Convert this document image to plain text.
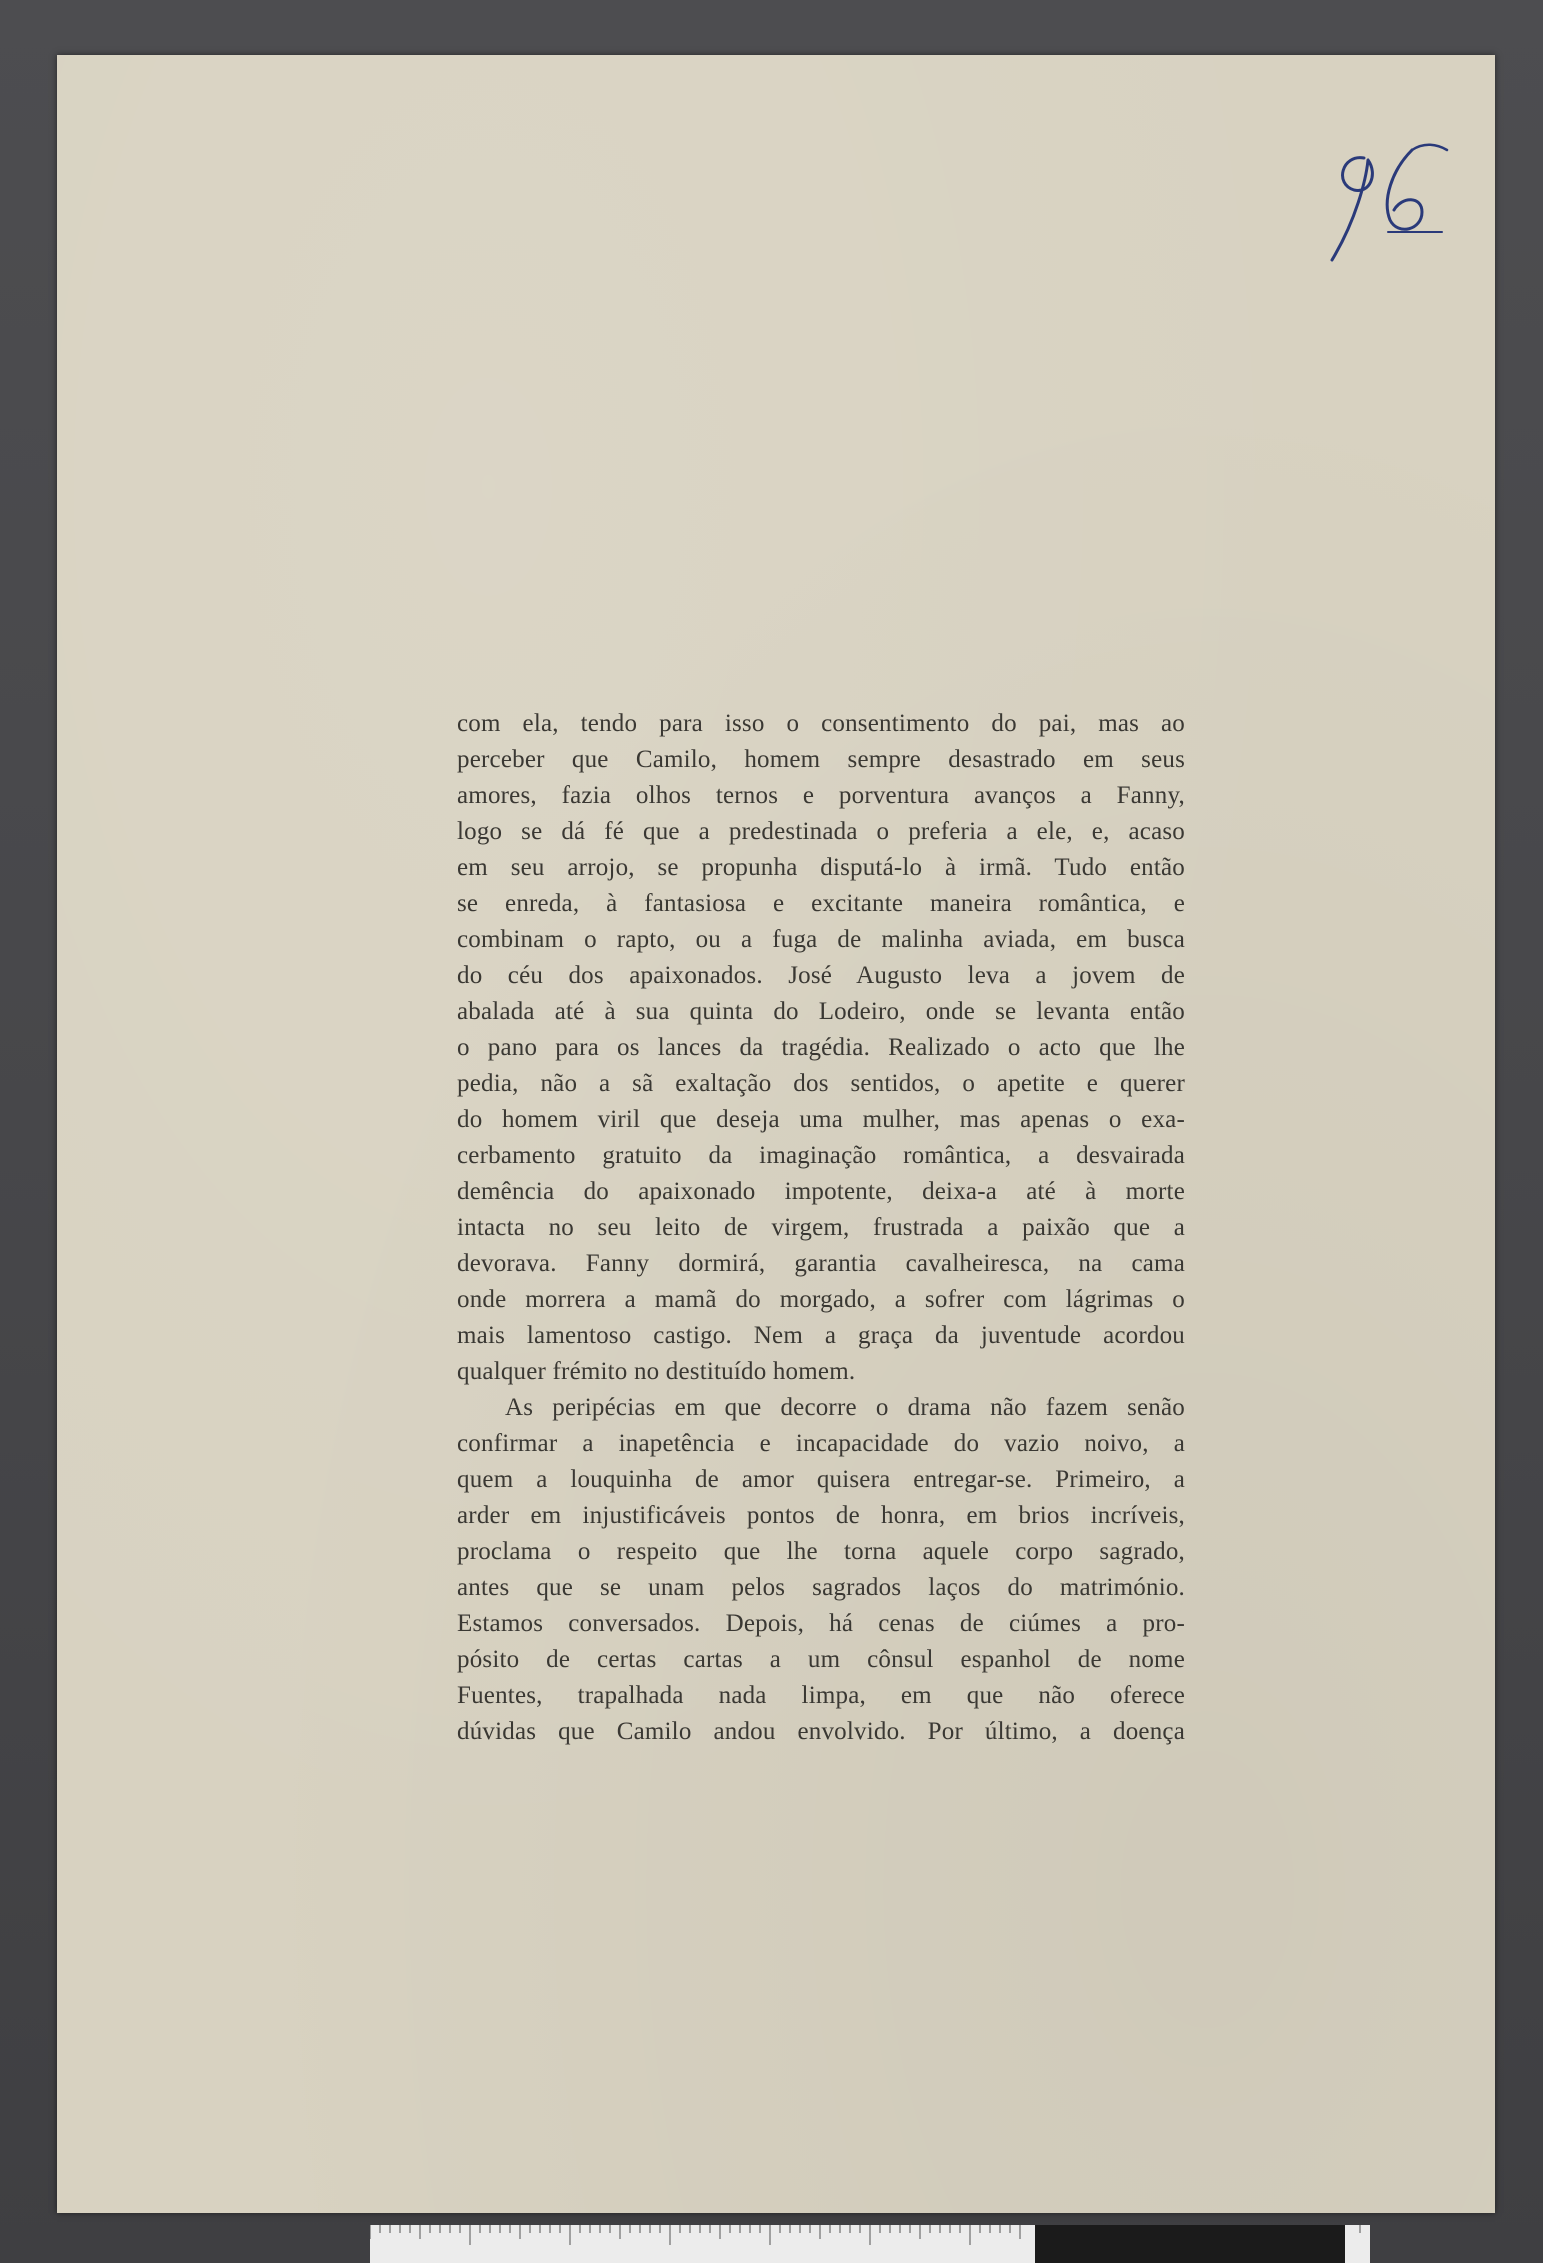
com ela, tendo para isso o consentimento do pai, mas ao
perceber que Camilo, homem sempre desastrado em seus
amores, fazia olhos ternos e porventura avanços a Fanny,
logo se dá fé que a predestinada o preferia a ele, e, acaso
em seu arrojo, se propunha disputá-lo à irmã. Tudo então
se enreda, à fantasiosa e excitante maneira romântica, e
combinam o rapto, ou a fuga de malinha aviada, em busca
do céu dos apaixonados. José Augusto leva a jovem de
abalada até à sua quinta do Lodeiro, onde se levanta então
o pano para os lances da tragédia. Realizado o acto que lhe
pedia, não a sã exaltação dos sentidos, o apetite e querer
do homem viril que deseja uma mulher, mas apenas o exa-
cerbamento gratuito da imaginação romântica, a desvairada
demência do apaixonado impotente, deixa-a até à morte
intacta no seu leito de virgem, frustrada a paixão que a
devorava. Fanny dormirá, garantia cavalheiresca, na cama
onde morrera a mamã do morgado, a sofrer com lágrimas o
mais lamentoso castigo. Nem a graça da juventude acordou
qualquer frémito no destituído homem.
As peripécias em que decorre o drama não fazem senão
confirmar a inapetência e incapacidade do vazio noivo, a
quem a louquinha de amor quisera entregar-se. Primeiro, a
arder em injustificáveis pontos de honra, em brios incríveis,
proclama o respeito que lhe torna aquele corpo sagrado,
antes que se unam pelos sagrados laços do matrimónio.
Estamos conversados. Depois, há cenas de ciúmes a pro-
pósito de certas cartas a um cônsul espanhol de nome
Fuentes, trapalhada nada limpa, em que não oferece
dúvidas que Camilo andou envolvido. Por último, a doença
